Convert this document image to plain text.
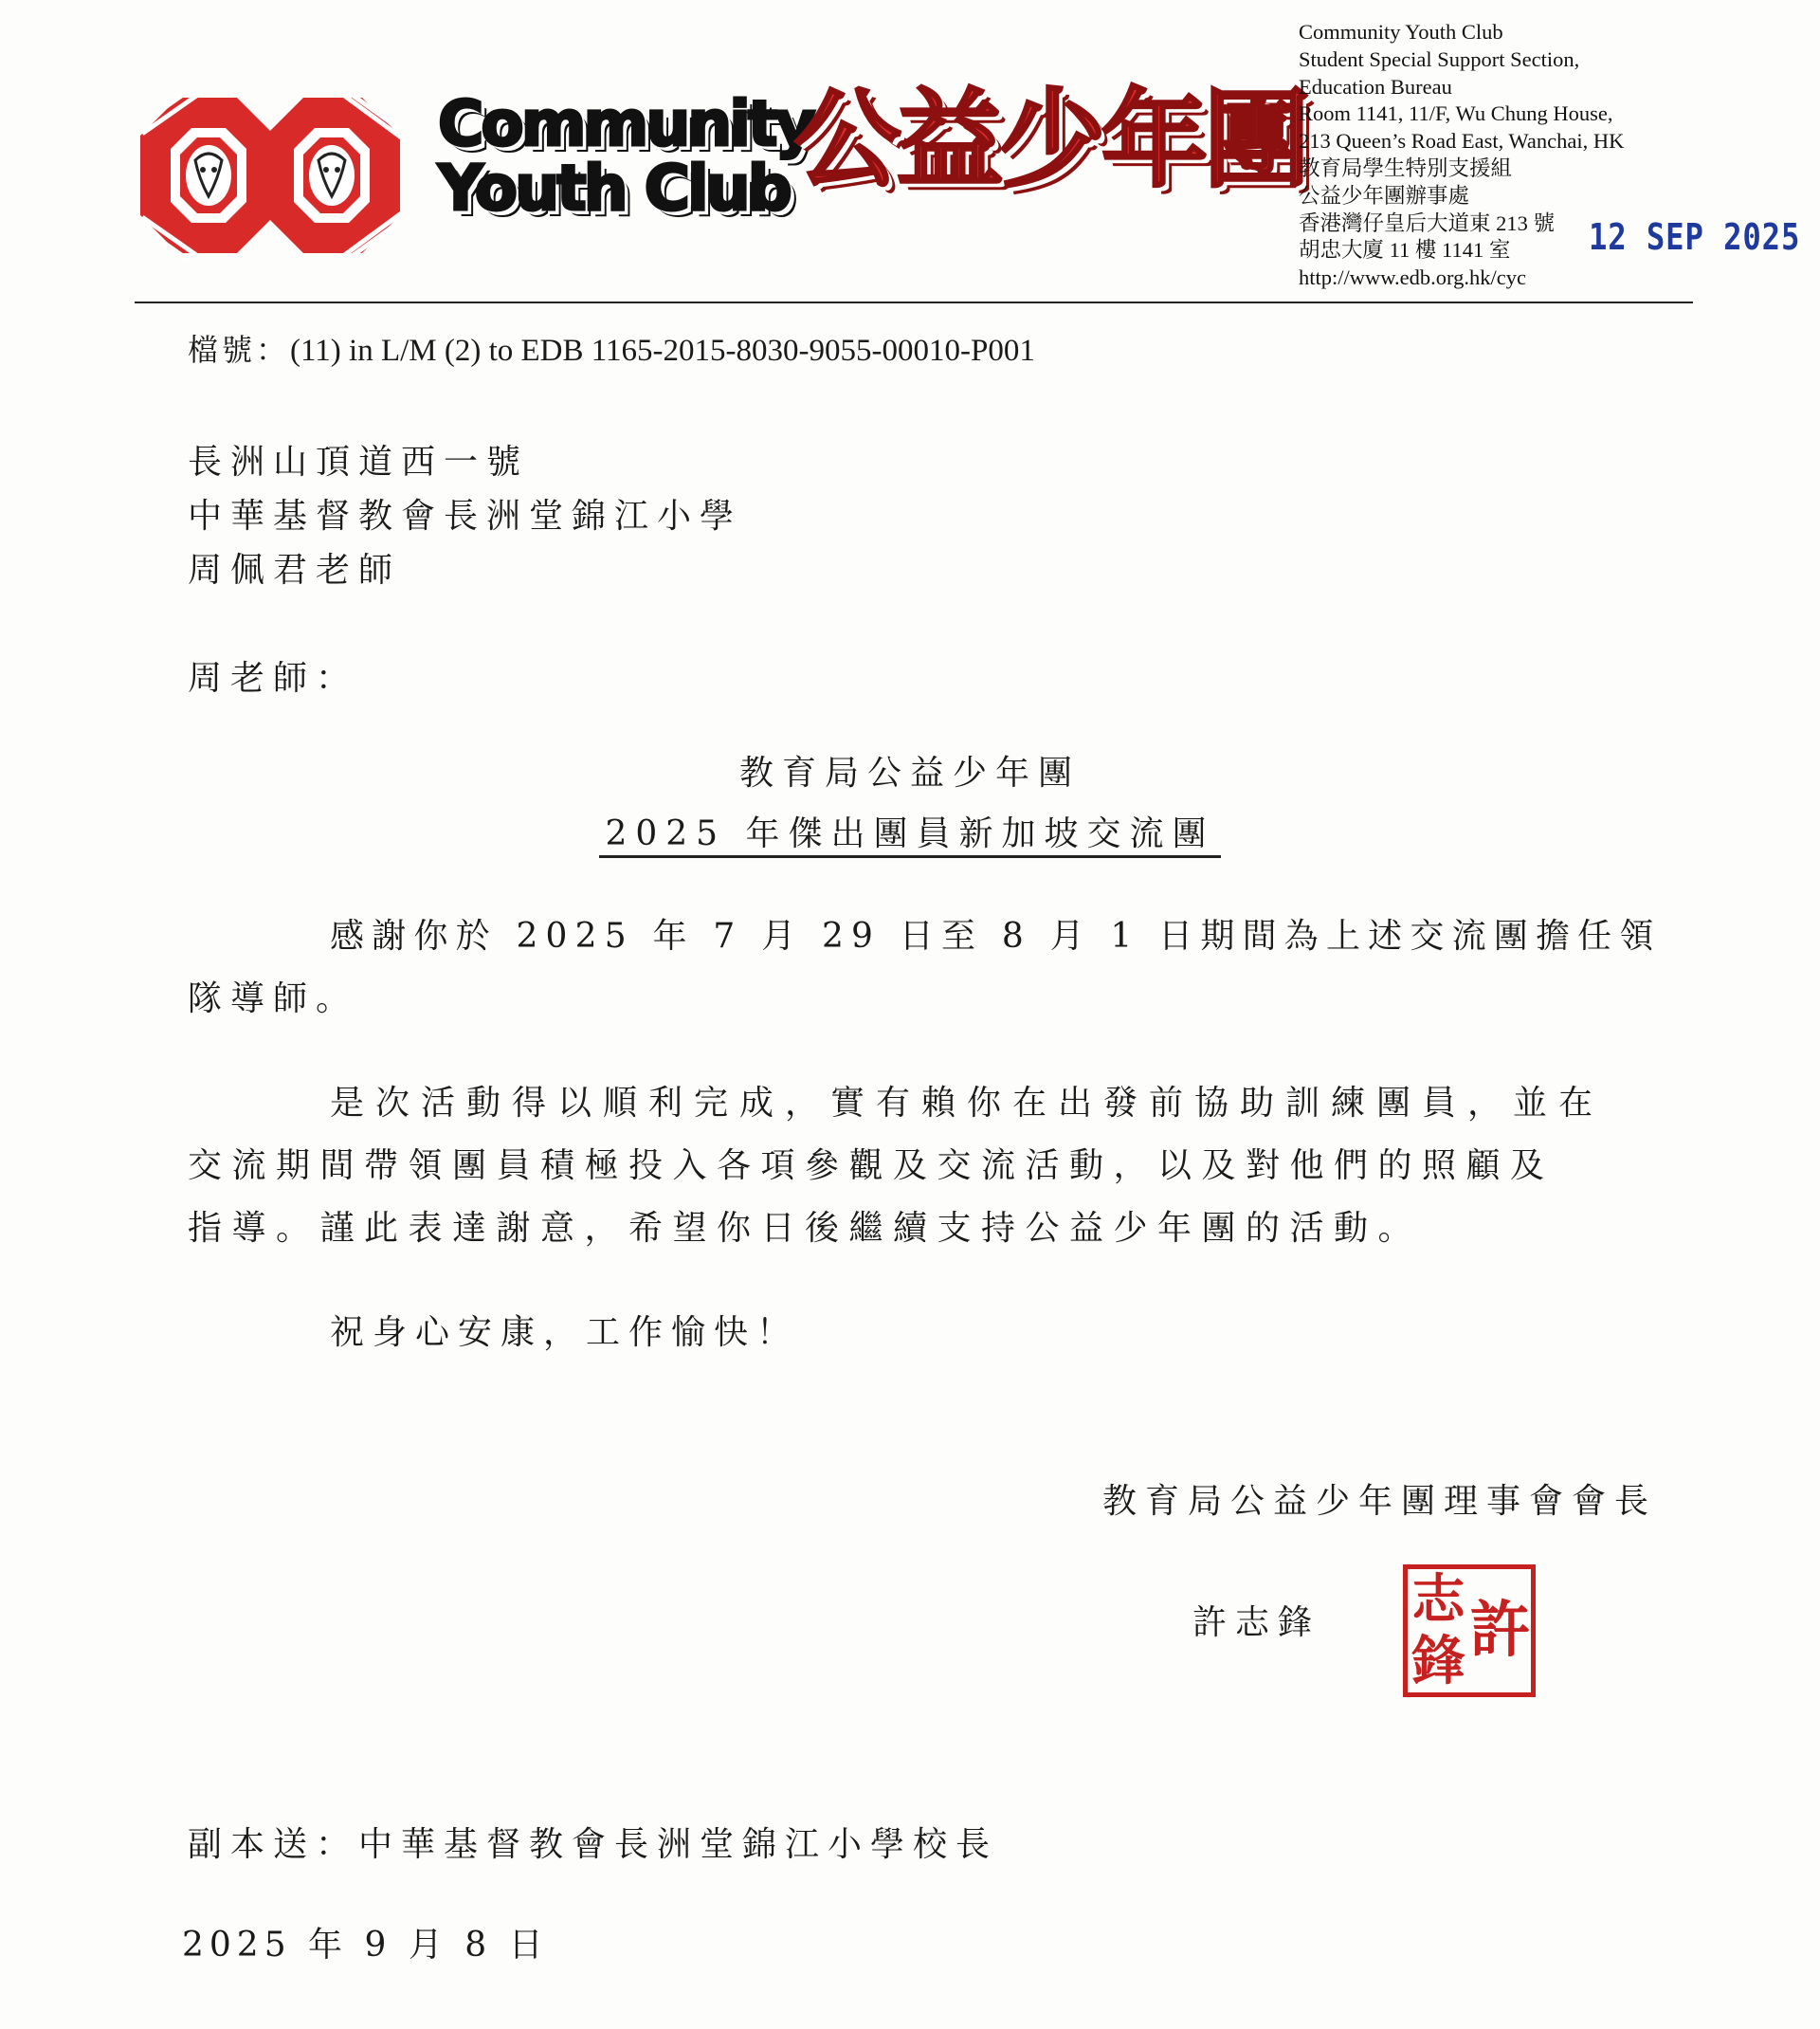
Community
Youth Club 公益少年團
Community Youth Club
Student Special Support Section,
Education Bureau
Room 1141, 11/F, Wu Chung House,
213 Queen’s Road East, Wanchai, HK
教育局學生特別支援組
公益少年團辦事處
香港灣仔皇后大道東 213 號
胡忠大廈 11 樓 1141 室
http://www.edb.org.hk/cyc
12 SEP 2025
檔號：(11) in L/M (2) to EDB 1165-2015-8030-9055-00010-P001
長洲山頂道西一號
中華基督教會長洲堂錦江小學
周佩君老師
周老師：
教育局公益少年團
2025 年傑出團員新加坡交流團
感謝你於 2025 年 7 月 29 日至 8 月 1 日期間為上述交流團擔任領
隊導師。
是次活動得以順利完成，實有賴你在出發前協助訓練團員，並在
交流期間帶領團員積極投入各項參觀及交流活動，以及對他們的照顧及
指導。謹此表達謝意，希望你日後繼續支持公益少年團的活動。
祝身心安康，工作愉快！
教育局公益少年團理事會會長
許志鋒 志 許
鋒
副本送：中華基督教會長洲堂錦江小學校長
2025 年 9 月 8 日
